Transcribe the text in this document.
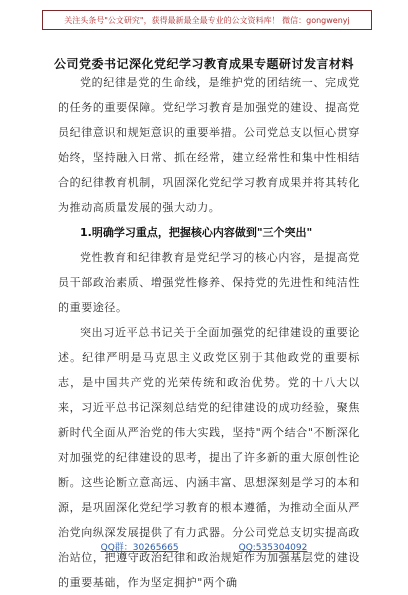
关注头条号"公文研究"，获得最新最全最专业的公文资料库！ 微信：gongwenyj
公司党委书记深化党纪学习教育成果专题研讨发言材料

党的纪律是党的生命线，是维护党的团结统一、完成党的任务的重要保障。党纪学习教育是加强党的建设、提高党员纪律意识和规矩意识的重要举措。公司党总支以恒心贯穿始终，坚持融入日常、抓在经常，建立经常性和集中性相结合的纪律教育机制，巩固深化党纪学习教育成果并将其转化为推动高质量发展的强大动力。

1.明确学习重点，把握核心内容做到"三个突出"

党性教育和纪律教育是党纪学习的核心内容，是提高党员干部政治素质、增强党性修养、保持党的先进性和纯洁性的重要途径。

突出习近平总书记关于全面加强党的纪律建设的重要论述。纪律严明是马克思主义政党区别于其他政党的重要标志，是中国共产党的光荣传统和政治优势。党的十八大以来，习近平总书记深刻总结党的纪律建设的成功经验，聚焦新时代全面从严治党的伟大实践，坚持"两个结合"不断深化对加强党的纪律建设的思考，提出了许多新的重大原创性论断。这些论断立意高远、内涵丰富、思想深刻是学习的本和源，是巩固深化党纪学习教育的根本遵循，为推动全面从严治党向纵深发展提供了有力武器。分公司党总支切实提高政治站位，把遵守政治纪律和政治规矩作为加强基层党的建设的重要基础，作为坚定拥护"两个确

QQ群：30265665	QQ:535304092
